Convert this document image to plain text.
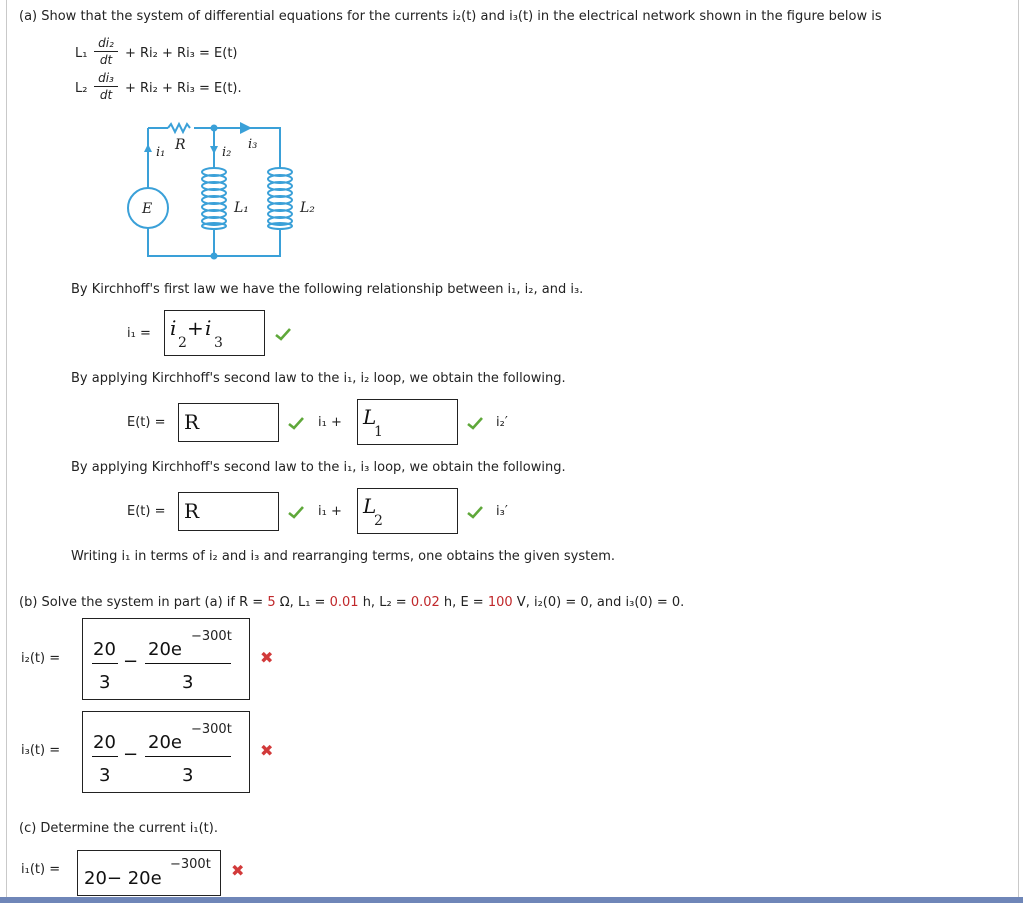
(a) Show that the system of differential equations for the currents i₂(t) and i₃(t) in the electrical network shown in the figure below is
L₁
di₂
dt + Ri₂ + Ri₃ = E(t)
L₂
di₃
dt + Ri₂ + Ri₃ = E(t).
i₁ R	i₂
i₃
E	L₁	L₂
By Kirchhoff's first law we have the following relationship between i₁, i₂, and i₃.
i₁ = i
2
+ i
3
By applying Kirchhoff's second law to the i₁, i₂ loop, we obtain the following.
E(t) = R	i₁ + L
1
i₂′
By applying Kirchhoff's second law to the i₁, i₃ loop, we obtain the following.
E(t) = R	i₁ + L
2
i₃′
Writing i₁ in terms of i₂ and i₃ and rearranging terms, one obtains the given system.
(b) Solve the system in part (a) if R = 5 Ω, L₁ = 0.01 h, L₂ = 0.02 h, E = 100 V, i₂(0) = 0, and i₃(0) = 0.
i₂(t) = 20
3
−
20e
−300t
3
✖
i₃(t) = 20
3
−
20e
−300t
3
✖
(c) Determine the current i₁(t).
i₁(t) = 20− 20e
−300t ✖
